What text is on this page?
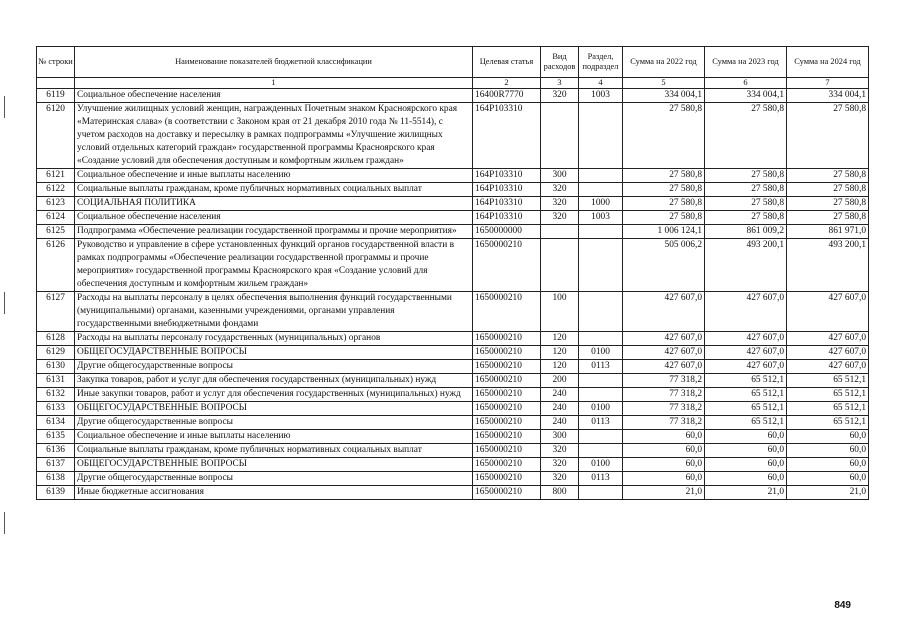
№ строки	Наименование показателей бюджетной классификации	Целевая статья	Вид расходов	Раздел, подраздел	Сумма на 2022 год	Сумма на 2023 год	Сумма на 2024 год
	1	2	3	4	5	6	7
6119	Социальное обеспечение населения	16400R7770	320	1003	334 004,1	334 004,1	334 004,1
6120	Улучшение жилищных условий женщин, награжденных Почетным знаком Красноярского края «Материнская слава» (в соответствии с Законом края от 21 декабря 2010 года № 11-5514), с учетом расходов на доставку и пересылку в рамках подпрограммы «Улучшение жилищных условий отдельных категорий граждан» государственной программы Красноярского края «Создание условий для обеспечения доступным и комфортным жильем граждан»	164P103310			27 580,8	27 580,8	27 580,8
6121	Социальное обеспечение и иные выплаты населению	164P103310	300		27 580,8	27 580,8	27 580,8
6122	Социальные выплаты гражданам, кроме публичных нормативных социальных выплат	164P103310	320		27 580,8	27 580,8	27 580,8
6123	СОЦИАЛЬНАЯ ПОЛИТИКА	164P103310	320	1000	27 580,8	27 580,8	27 580,8
6124	Социальное обеспечение населения	164P103310	320	1003	27 580,8	27 580,8	27 580,8
6125	Подпрограмма «Обеспечение реализации государственной программы и прочие мероприятия»	1650000000			1 006 124,1	861 009,2	861 971,0
6126	Руководство и управление в сфере установленных функций органов государственной власти в рамках подпрограммы «Обеспечение реализации государственной программы и прочие мероприятия» государственной программы Красноярского края «Создание условий для обеспечения доступным и комфортным жильем граждан»	1650000210			505 006,2	493 200,1	493 200,1
6127	Расходы на выплаты персоналу в целях обеспечения выполнения функций государственными (муниципальными) органами, казенными учреждениями, органами управления государственными внебюджетными фондами	1650000210	100		427 607,0	427 607,0	427 607,0
6128	Расходы на выплаты персоналу государственных (муниципальных) органов	1650000210	120		427 607,0	427 607,0	427 607,0
6129	ОБЩЕГОСУДАРСТВЕННЫЕ ВОПРОСЫ	1650000210	120	0100	427 607,0	427 607,0	427 607,0
6130	Другие общегосударственные вопросы	1650000210	120	0113	427 607,0	427 607,0	427 607,0
6131	Закупка товаров, работ и услуг для обеспечения государственных (муниципальных) нужд	1650000210	200		77 318,2	65 512,1	65 512,1
6132	Иные закупки товаров, работ и услуг для обеспечения государственных (муниципальных) нужд	1650000210	240		77 318,2	65 512,1	65 512,1
6133	ОБЩЕГОСУДАРСТВЕННЫЕ ВОПРОСЫ	1650000210	240	0100	77 318,2	65 512,1	65 512,1
6134	Другие общегосударственные вопросы	1650000210	240	0113	77 318,2	65 512,1	65 512,1
6135	Социальное обеспечение и иные выплаты населению	1650000210	300		60,0	60,0	60,0
6136	Социальные выплаты гражданам, кроме публичных нормативных социальных выплат	1650000210	320		60,0	60,0	60,0
6137	ОБЩЕГОСУДАРСТВЕННЫЕ ВОПРОСЫ	1650000210	320	0100	60,0	60,0	60,0
6138	Другие общегосударственные вопросы	1650000210	320	0113	60,0	60,0	60,0
6139	Иные бюджетные ассигнования	1650000210	800		21,0	21,0	21,0
849
